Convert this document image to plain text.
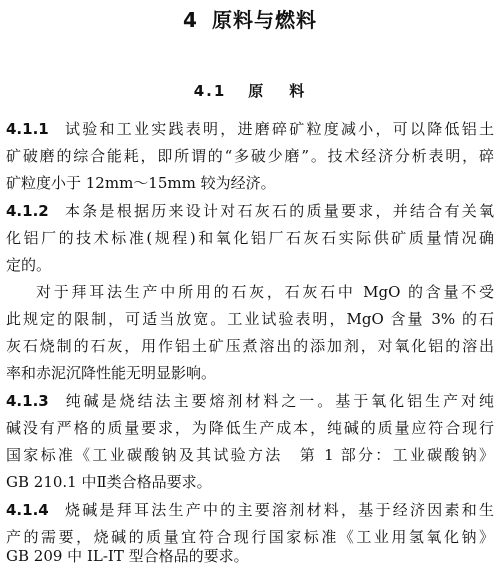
4 原料与燃料
4.1 原 料
4.1.1 试验和工业实践表明，进磨碎矿粒度减小，可以降低铝土
矿破磨的综合能耗，即所谓的“多破少磨”。技术经济分析表明，碎
矿粒度小于 12mm～15mm 较为经济。
4.1.2 本条是根据历来设计对石灰石的质量要求，并结合有关氧
化铝厂的技术标准(规程)和氧化铝厂石灰石实际供矿质量情况确
定的。
对于拜耳法生产中所用的石灰，石灰石中 MgO 的含量不受
此规定的限制，可适当放宽。工业试验表明，MgO 含量 3% 的石
灰石烧制的石灰，用作铝土矿压煮溶出的添加剂，对氧化铝的溶出
率和赤泥沉降性能无明显影响。
4.1.3 纯碱是烧结法主要熔剂材料之一。基于氧化铝生产对纯
碱没有严格的质量要求，为降低生产成本，纯碱的质量应符合现行
国家标准《工业碳酸钠及其试验方法　第 1 部分：工业碳酸钠》
GB 210.1 中Ⅱ类合格品要求。
4.1.4 烧碱是拜耳法生产中的主要溶剂材料，基于经济因素和生
产的需要，烧碱的质量宜符合现行国家标准《工业用氢氧化钠》
GB 209 中 IL-IT 型合格品的要求。
